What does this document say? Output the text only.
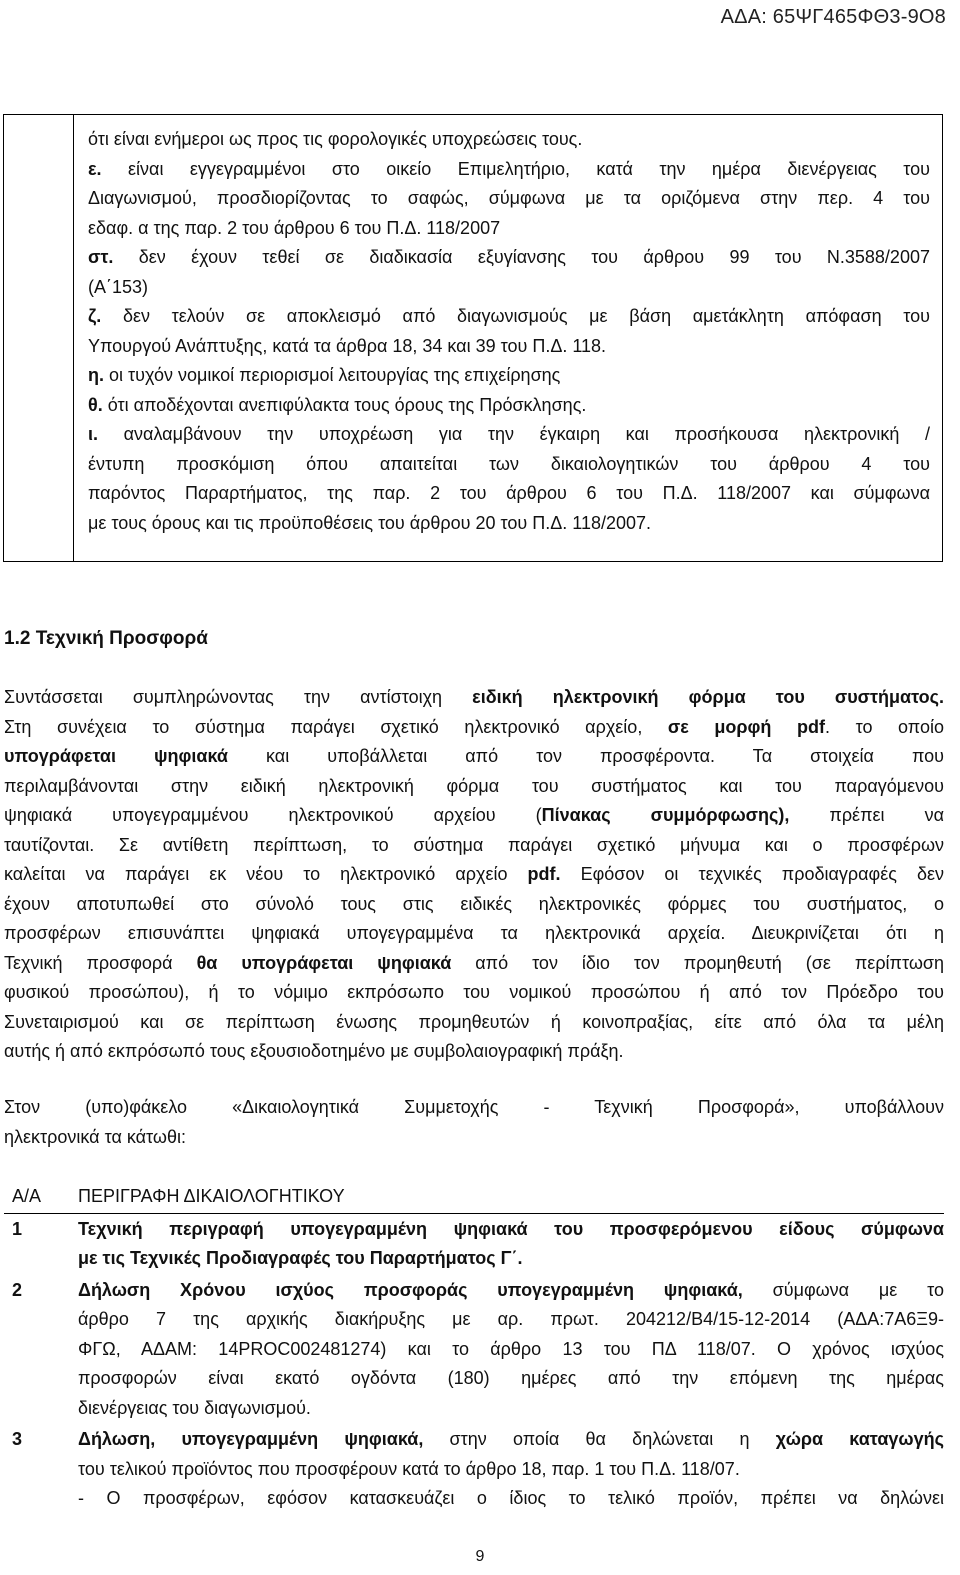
ΑΔΑ: 65ΨΓ465ΦΘ3-9Ο8

ότι είναι ενήμεροι ως προς τις φορολογικές υποχρεώσεις τους.

ε. είναι εγγεγραμμένοι στο οικείο Επιμελητήριο, κατά την ημέρα διενέργειας του

Διαγωνισμού, προσδιορίζοντας το σαφώς, σύμφωνα με τα οριζόμενα στην περ. 4 του

εδαφ. α της παρ. 2 του άρθρου 6 του Π.Δ. 118/2007

στ. δεν έχουν τεθεί σε διαδικασία εξυγίανσης του άρθρου 99 του Ν.3588/2007

(Α΄153)

ζ. δεν τελούν σε αποκλεισμό από διαγωνισμούς με βάση αμετάκλητη απόφαση του

Υπουργού Ανάπτυξης, κατά τα άρθρα 18, 34 και 39 του Π.Δ. 118.

η. οι τυχόν νομικοί περιορισμοί λειτουργίας της επιχείρησης

θ. ότι αποδέχονται ανεπιφύλακτα τους όρους της Πρόσκλησης.

ι. αναλαμβάνουν την υποχρέωση για την έγκαιρη και προσήκουσα ηλεκτρονική /

έντυπη προσκόμιση όπου απαιτείται των δικαιολογητικών του άρθρου 4 του

παρόντος Παραρτήματος, της παρ. 2 του άρθρου 6 του Π.Δ. 118/2007 και σύμφωνα

με τους όρους και τις προϋποθέσεις του άρθρου 20 του Π.Δ. 118/2007.

1.2 Τεχνική Προσφορά

Συντάσσεται συμπληρώνοντας την αντίστοιχη ειδική ηλεκτρονική φόρμα του συστήματος.

Στη συνέχεια το σύστημα παράγει σχετικό ηλεκτρονικό αρχείο, σε μορφή pdf. το οποίο

υπογράφεται ψηφιακά και υποβάλλεται από τον προσφέροντα. Τα στοιχεία που

περιλαμβάνονται στην ειδική ηλεκτρονική φόρμα του συστήματος και του παραγόμενου

ψηφιακά υπογεγραμμένου ηλεκτρονικού αρχείου (Πίνακας συμμόρφωσης), πρέπει να

ταυτίζονται. Σε αντίθετη περίπτωση, το σύστημα παράγει σχετικό μήνυμα και ο προσφέρων

καλείται να παράγει εκ νέου το ηλεκτρονικό αρχείο pdf. Εφόσον οι τεχνικές προδιαγραφές δεν

έχουν αποτυπωθεί στο σύνολό τους στις ειδικές ηλεκτρονικές φόρμες του συστήματος, ο

προσφέρων επισυνάπτει ψηφιακά υπογεγραμμένα τα ηλεκτρονικά αρχεία. Διευκρινίζεται ότι η

Τεχνική προσφορά θα υπογράφεται ψηφιακά από τον ίδιο τον προμηθευτή (σε περίπτωση

φυσικού προσώπου), ή το νόμιμο εκπρόσωπο του νομικού προσώπου ή από τον Πρόεδρο του

Συνεταιρισμού και σε περίπτωση ένωσης προμηθευτών ή κοινοπραξίας, είτε από όλα τα μέλη

αυτής ή από εκπρόσωπό τους εξουσιοδοτημένο με συμβολαιογραφική πράξη.

Στον (υπο)φάκελο «Δικαιολογητικά Συμμετοχής - Τεχνική Προσφορά», υποβάλλουν

ηλεκτρονικά τα κάτωθι:

Α/Α	ΠΕΡΙΓΡΑΦΗ ΔΙΚΑΙΟΛΟΓΗΤΙΚΟΥ
1	Τεχνική περιγραφή υπογεγραμμένη ψηφιακά του προσφερόμενου είδους σύμφωνα
με τις Τεχνικές Προδιαγραφές του Παραρτήματος Γ΄.

2	Δήλωση Χρόνου ισχύος προσφοράς υπογεγραμμένη ψηφιακά, σύμφωνα με το
άρθρο 7 της αρχικής διακήρυξης με αρ. πρωτ. 204212/Β4/15-12-2014 (ΑΔΑ:7Α6Ξ9-
ΦΓΩ, ΑΔΑΜ: 14PROC002481274) και το άρθρο 13 του ΠΔ 118/07. Ο χρόνος ισχύος
προσφορών είναι εκατό ογδόντα (180) ημέρες από την επόμενη της ημέρας
διενέργειας του διαγωνισμού.

3	Δήλωση, υπογεγραμμένη ψηφιακά, στην οποία θα δηλώνεται η χώρα καταγωγής
του τελικού προϊόντος που προσφέρουν κατά το άρθρο 18, παρ. 1 του Π.Δ. 118/07.
- Ο προσφέρων, εφόσον κατασκευάζει ο ίδιος το τελικό προϊόν, πρέπει να δηλώνει
9
